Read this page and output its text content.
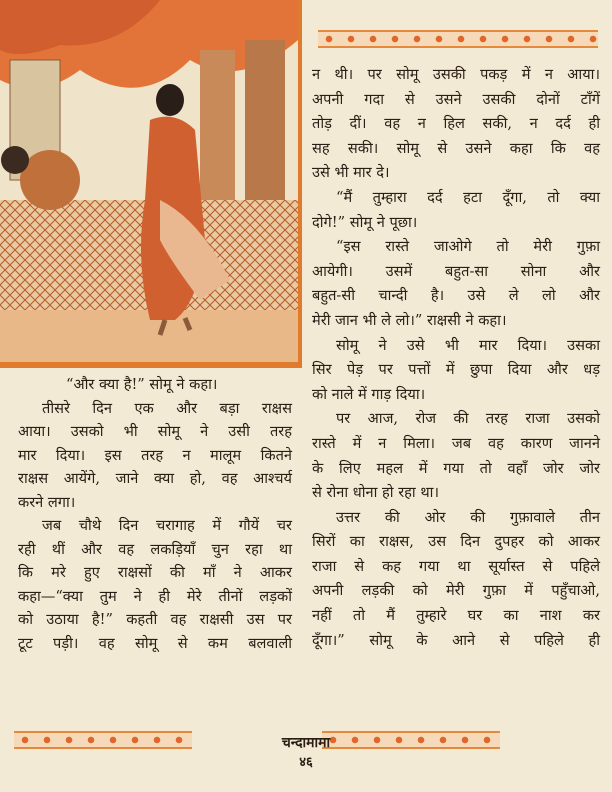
“और क्या है!” सोमू ने कहा।
तीसरे दिन एक और बड़ा राक्षस
आया। उसको भी सोमू ने उसी तरह
मार दिया। इस तरह न मालूम कितने
राक्षस आयेंगे, जाने क्या हो, वह आश्चर्य
करने लगा।
जब चौथे दिन चरागाह में गौयें चर
रही थीं और वह लकड़ियाँ चुन रहा था
कि मरे हुए राक्षसों की माँ ने आकर
कहा—“क्या तुम ने ही मेरे तीनों लड़कों
को उठाया है!” कहती वह राक्षसी उस पर
टूट पड़ी। वह सोमू से कम बलवाली
न थी। पर सोमू उसकी पकड़ में न आया।
अपनी गदा से उसने उसकी दोनों टाँगें
तोड़ दीं। वह न हिल सकी, न दर्द ही
सह सकी। सोमू से उसने कहा कि वह
उसे भी मार दे।
“मैं तुम्हारा दर्द हटा दूँगा, तो क्या
दोगे!” सोमू ने पूछा।
“इस रास्ते जाओगे तो मेरी गुफ़ा
आयेगी। उसमें बहुत-सा सोना और
बहुत-सी चान्दी है। उसे ले लो और
मेरी जान भी ले लो।” राक्षसी ने कहा।
सोमू ने उसे भी मार दिया। उसका
सिर पेड़ पर पत्तों में छुपा दिया और धड़
को नाले में गाड़ दिया।
पर आज, रोज की तरह राजा उसको
रास्ते में न मिला। जब वह कारण जानने
के लिए महल में गया तो वहाँ जोर जोर
से रोना धोना हो रहा था।
उत्तर की ओर की गुफ़ावाले तीन
सिरों का राक्षस, उस दिन दुपहर को आकर
राजा से कह गया था सूर्यास्त से पहिले
अपनी लड़की को मेरी गुफ़ा में पहुँचाओ,
नहीं तो मैं तुम्हारे घर का नाश कर
दूँगा।” सोमू के आने से पहिले ही
चन्दामामा
४६
